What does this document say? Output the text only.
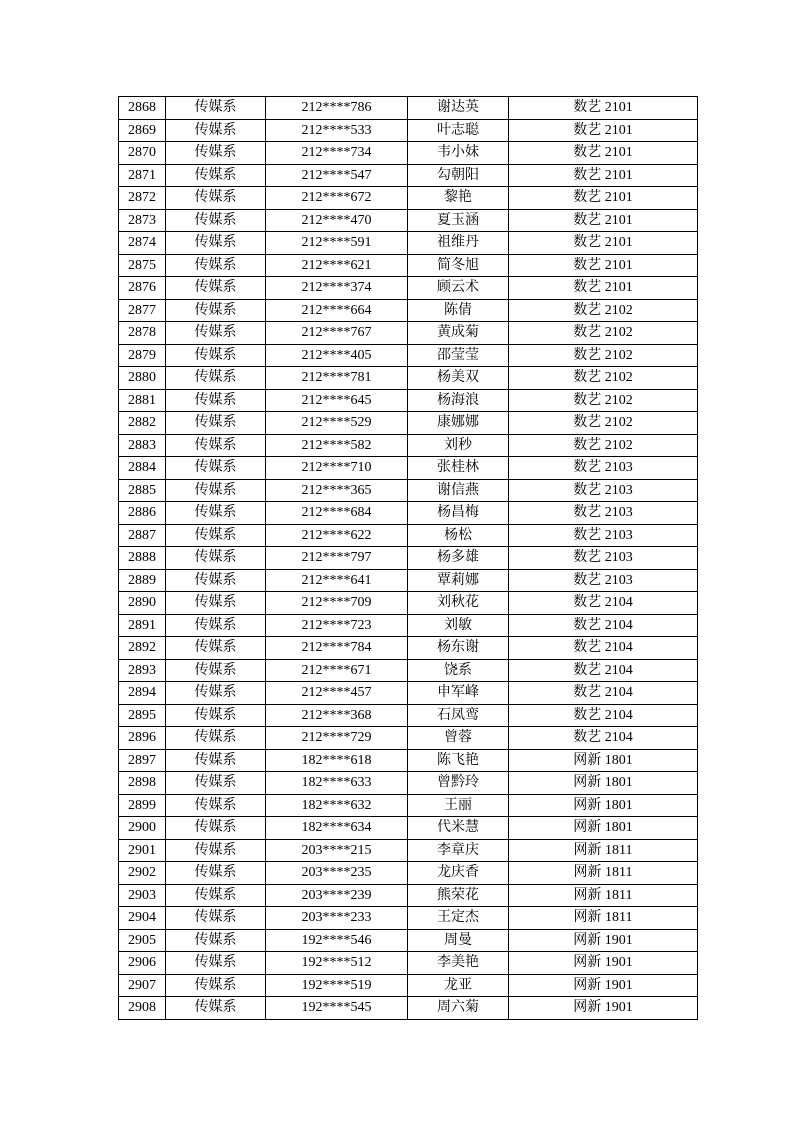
2868	传媒系	212****786	谢达英	数艺 2101
2869	传媒系	212****533	叶志聪	数艺 2101
2870	传媒系	212****734	韦小妹	数艺 2101
2871	传媒系	212****547	勾朝阳	数艺 2101
2872	传媒系	212****672	黎艳	数艺 2101
2873	传媒系	212****470	夏玉涵	数艺 2101
2874	传媒系	212****591	祖维丹	数艺 2101
2875	传媒系	212****621	简冬旭	数艺 2101
2876	传媒系	212****374	顾云术	数艺 2101
2877	传媒系	212****664	陈倩	数艺 2102
2878	传媒系	212****767	黄成菊	数艺 2102
2879	传媒系	212****405	邵莹莹	数艺 2102
2880	传媒系	212****781	杨美双	数艺 2102
2881	传媒系	212****645	杨海浪	数艺 2102
2882	传媒系	212****529	康娜娜	数艺 2102
2883	传媒系	212****582	刘秒	数艺 2102
2884	传媒系	212****710	张桂林	数艺 2103
2885	传媒系	212****365	谢信燕	数艺 2103
2886	传媒系	212****684	杨昌梅	数艺 2103
2887	传媒系	212****622	杨松	数艺 2103
2888	传媒系	212****797	杨多雄	数艺 2103
2889	传媒系	212****641	覃莉娜	数艺 2103
2890	传媒系	212****709	刘秋花	数艺 2104
2891	传媒系	212****723	刘敏	数艺 2104
2892	传媒系	212****784	杨东谢	数艺 2104
2893	传媒系	212****671	饶系	数艺 2104
2894	传媒系	212****457	申军峰	数艺 2104
2895	传媒系	212****368	石凤鸾	数艺 2104
2896	传媒系	212****729	曾蓉	数艺 2104
2897	传媒系	182****618	陈飞艳	网新 1801
2898	传媒系	182****633	曾黔玲	网新 1801
2899	传媒系	182****632	王丽	网新 1801
2900	传媒系	182****634	代米慧	网新 1801
2901	传媒系	203****215	李章庆	网新 1811
2902	传媒系	203****235	龙庆香	网新 1811
2903	传媒系	203****239	熊荣花	网新 1811
2904	传媒系	203****233	王定杰	网新 1811
2905	传媒系	192****546	周曼	网新 1901
2906	传媒系	192****512	李美艳	网新 1901
2907	传媒系	192****519	龙亚	网新 1901
2908	传媒系	192****545	周六菊	网新 1901
